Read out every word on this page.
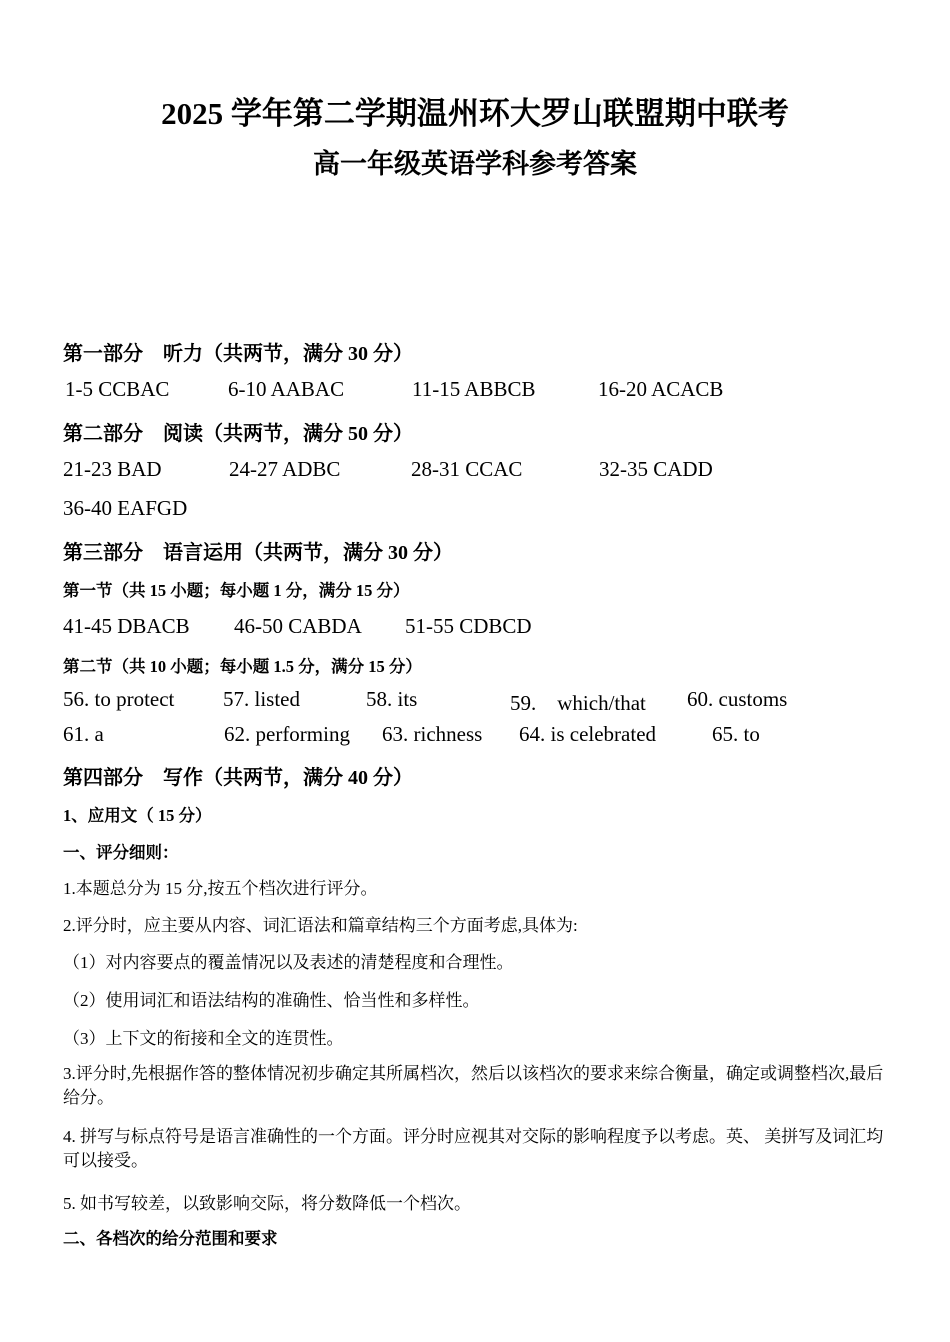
2025 学年第二学期温州环大罗山联盟期中联考
高一年级英语学科参考答案
第一部分　听力（共两节，满分 30 分）
1-5 CCBAC	6-10 AABAC	11-15 ABBCB	16-20 ACACB
第二部分　阅读（共两节，满分 50 分）
21-23 BAD	24-27 ADBC	28-31 CCAC	32-35 CADD
36-40 EAFGD
第三部分　语言运用（共两节，满分 30 分）
第一节（共 15 小题；每小题 1 分，满分 15 分）
41-45 DBACB 46-50 CABDA 51-55 CDBCD
第二节（共 10 小题；每小题 1.5 分，满分 15 分）
56. to protect 57. listed	58. its	59.　which/that 60. customs
61. a	62. performing 63. richness 64. is celebrated	65. to
第四部分　写作（共两节，满分 40 分）
1、应用文（ 15 分）
一、评分细则：
1.本题总分为 15 分,按五个档次进行评分。
2.评分时，应主要从内容、词汇语法和篇章结构三个方面考虑,具体为:
（1）对内容要点的覆盖情况以及表述的清楚程度和合理性。
（2）使用词汇和语法结构的准确性、恰当性和多样性。
（3）上下文的衔接和全文的连贯性。
3.评分时,先根据作答的整体情况初步确定其所属档次，然后以该档次的要求来综合衡量，确定或调整档次,最后给分。
4. 拼写与标点符号是语言准确性的一个方面。评分时应视其对交际的影响程度予以考虑。英、 美拼写及词汇均可以接受。
5. 如书写较差，以致影响交际，将分数降低一个档次。
二、各档次的给分范围和要求
